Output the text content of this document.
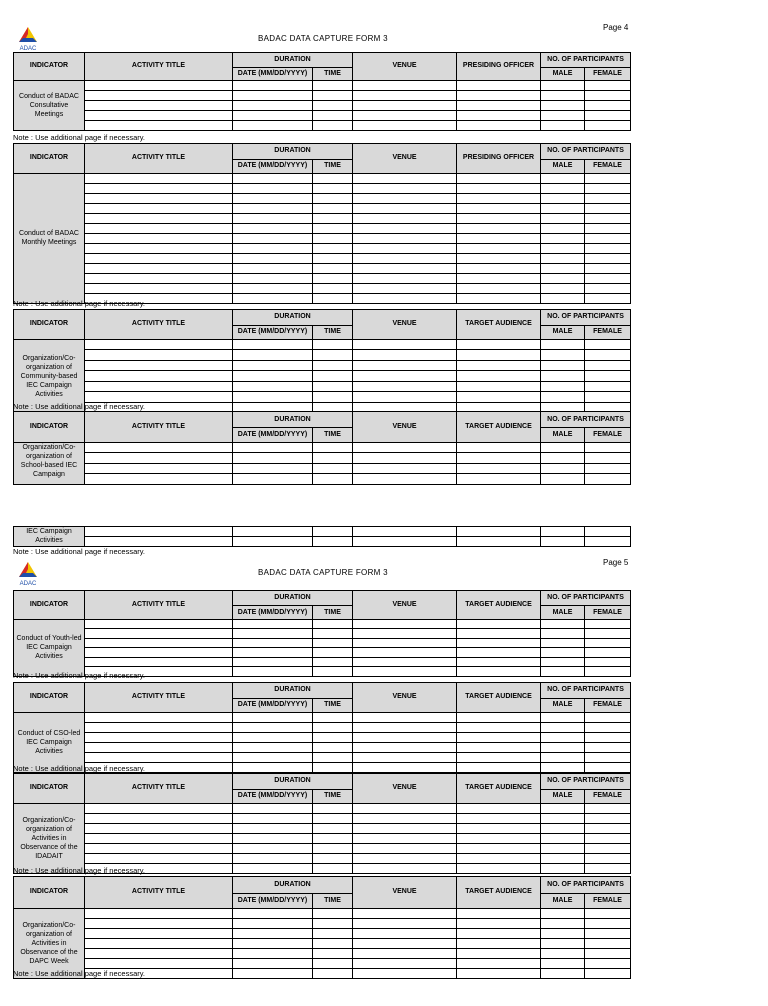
Page 4
ADAC
BADAC DATA CAPTURE FORM 3
Page 5
ADAC
BADAC DATA CAPTURE FORM 3
INDICATOR	ACTIVITY TITLE	DURATION		VENUE	PRESIDING OFFICER	NO. OF PARTICIPANTS	
		DATE (MM/DD/YYYY)	TIME			MALE	FEMALE
Conduct of BADAC Consultative Meetings							

Note : Use additional page if necessary.
INDICATOR	ACTIVITY TITLE	DURATION		VENUE	PRESIDING OFFICER	NO. OF PARTICIPANTS	
		DATE (MM/DD/YYYY)	TIME			MALE	FEMALE
Conduct of BADAC Monthly Meetings							

Note : Use additional page if necessary.
INDICATOR	ACTIVITY TITLE	DURATION		VENUE	TARGET AUDIENCE	NO. OF PARTICIPANTS	
		DATE (MM/DD/YYYY)	TIME			MALE	FEMALE
Organization/Co-organization of Community-based IEC Campaign Activities							

Note : Use additional page if necessary.
INDICATOR	ACTIVITY TITLE	DURATION		VENUE	TARGET AUDIENCE	NO. OF PARTICIPANTS	
		DATE (MM/DD/YYYY)	TIME			MALE	FEMALE
Organization/Co-organization of School-based IEC Campaign							

IEC Campaign Activities							

Note : Use additional page if necessary.
INDICATOR	ACTIVITY TITLE	DURATION		VENUE	TARGET AUDIENCE	NO. OF PARTICIPANTS	
		DATE (MM/DD/YYYY)	TIME			MALE	FEMALE
Conduct of Youth-led IEC Campaign Activities							

Note : Use additional page if necessary.
INDICATOR	ACTIVITY TITLE	DURATION		VENUE	TARGET AUDIENCE	NO. OF PARTICIPANTS	
		DATE (MM/DD/YYYY)	TIME			MALE	FEMALE
Conduct of CSO-led IEC Campaign Activities							

Note : Use additional page if necessary.
INDICATOR	ACTIVITY TITLE	DURATION		VENUE	TARGET AUDIENCE	NO. OF PARTICIPANTS	
		DATE (MM/DD/YYYY)	TIME			MALE	FEMALE
Organization/Co-organization of Activities in Observance of the IDADAIT							

Note : Use additional page if necessary.
INDICATOR	ACTIVITY TITLE	DURATION		VENUE	TARGET AUDIENCE	NO. OF PARTICIPANTS	
		DATE (MM/DD/YYYY)	TIME			MALE	FEMALE
Organization/Co-organization of Activities in Observance of the DAPC Week							

Note : Use additional page if necessary.
